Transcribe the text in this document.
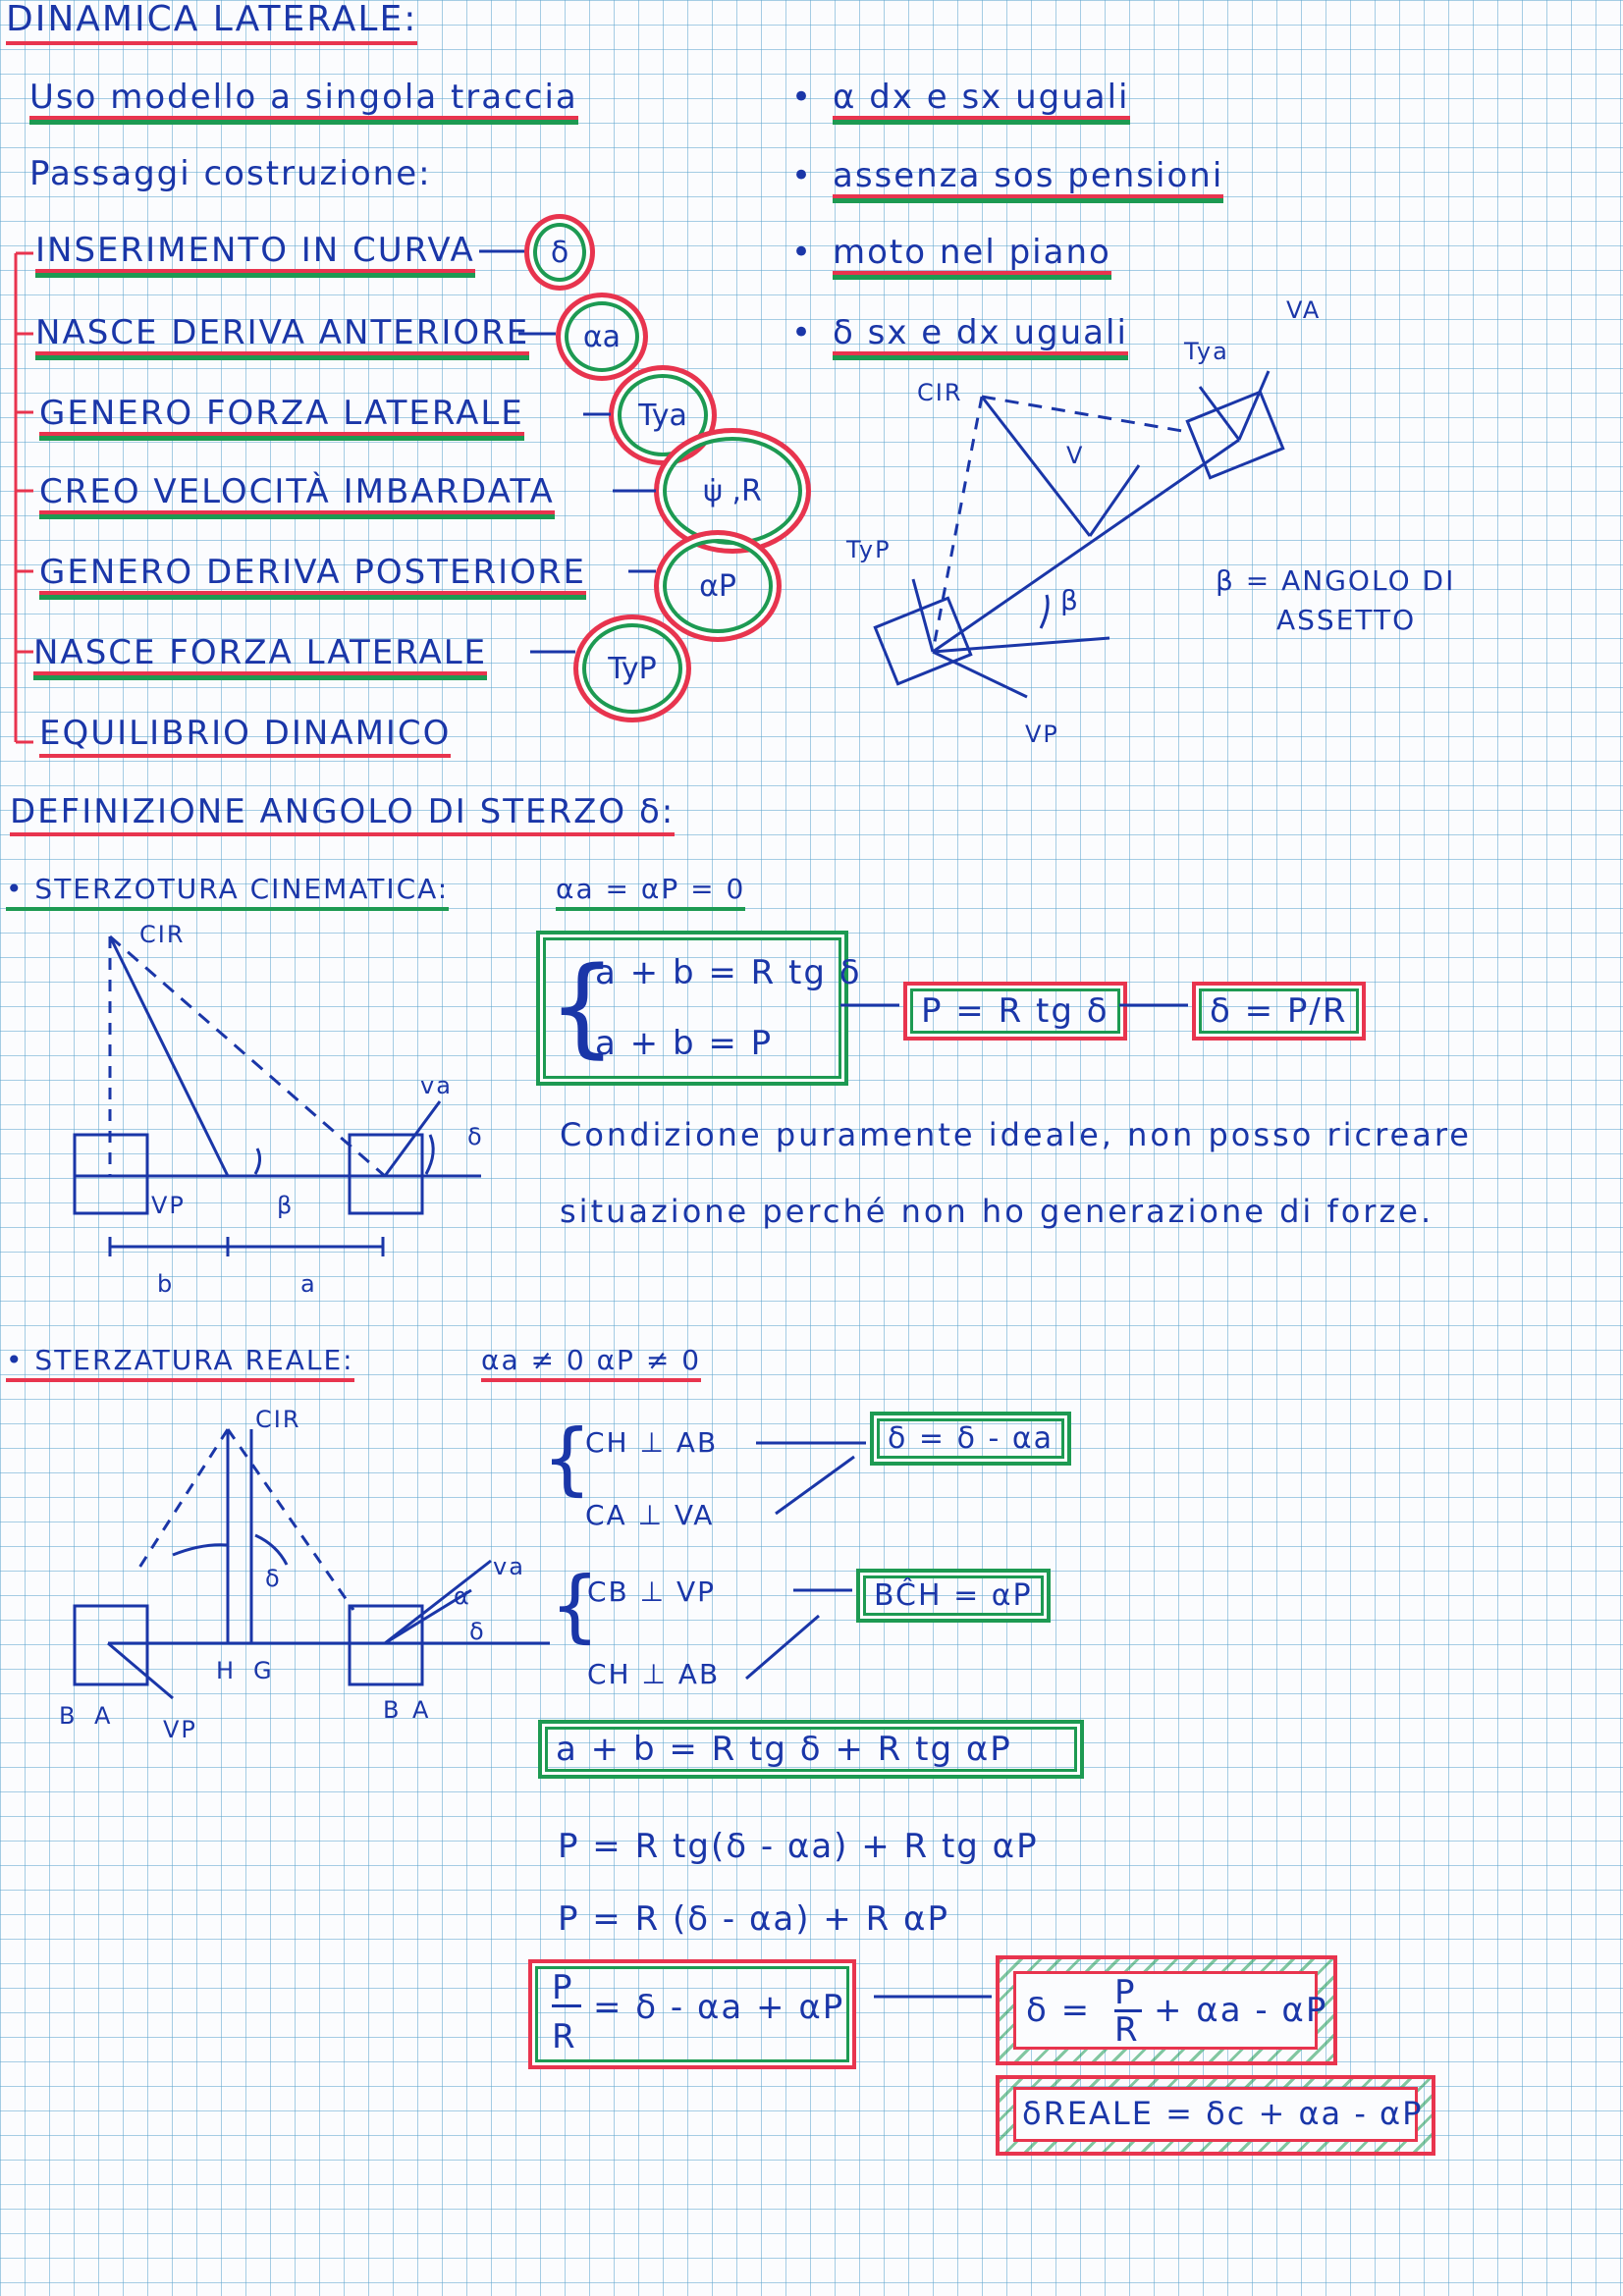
DINAMICA LATERALE:
Uso modello a singola traccia
Passaggi costruzione:
INSERIMENTO IN CURVA
NASCE DERIVA ANTERIORE
GENERO FORZA LATERALE
CREO VELOCITÀ IMBARDATA
GENERO DERIVA POSTERIORE
NASCE FORZA LATERALE
EQUILIBRIO DINAMICO
δ
αa
Tya
ψ̇ ,R
αP
TyP
α dx e sx uguali
assenza sos pensioni
moto nel piano
δ sx e dx uguali
•
•
•
•
CIR
V
TyP
Tya
VA
VP
β
β = ANGOLO DI
ASSETTO
DEFINIZIONE ANGOLO DI STERZO δ:
• STERZOTURA CINEMATICA:	αa = αP = 0
{
a + b = R tg δ
a + b = P
P = R tg δ	δ = P/R
Condizione puramente ideale, non posso ricreare
situazione perché non ho generazione di forze.
CIR
va
δ
VP	β
b	a
• STERZATURA REALE:	αa ≠ 0 αP ≠ 0
{
CH ⊥ AB
CA ⊥ VA
δ = δ - αa
{
CB ⊥ VP
CH ⊥ AB
BĈH = αP
a + b = R tg δ + R tg αP
P = R tg(δ - αa) + R tg αP
P = R (δ - αa) + R αP
P
R
= δ - αa + αP	δ = P
R + αa - αP
δREALE = δc + αa - αP
CIR
δ	va
α
δ
H G
B A VP
B A
